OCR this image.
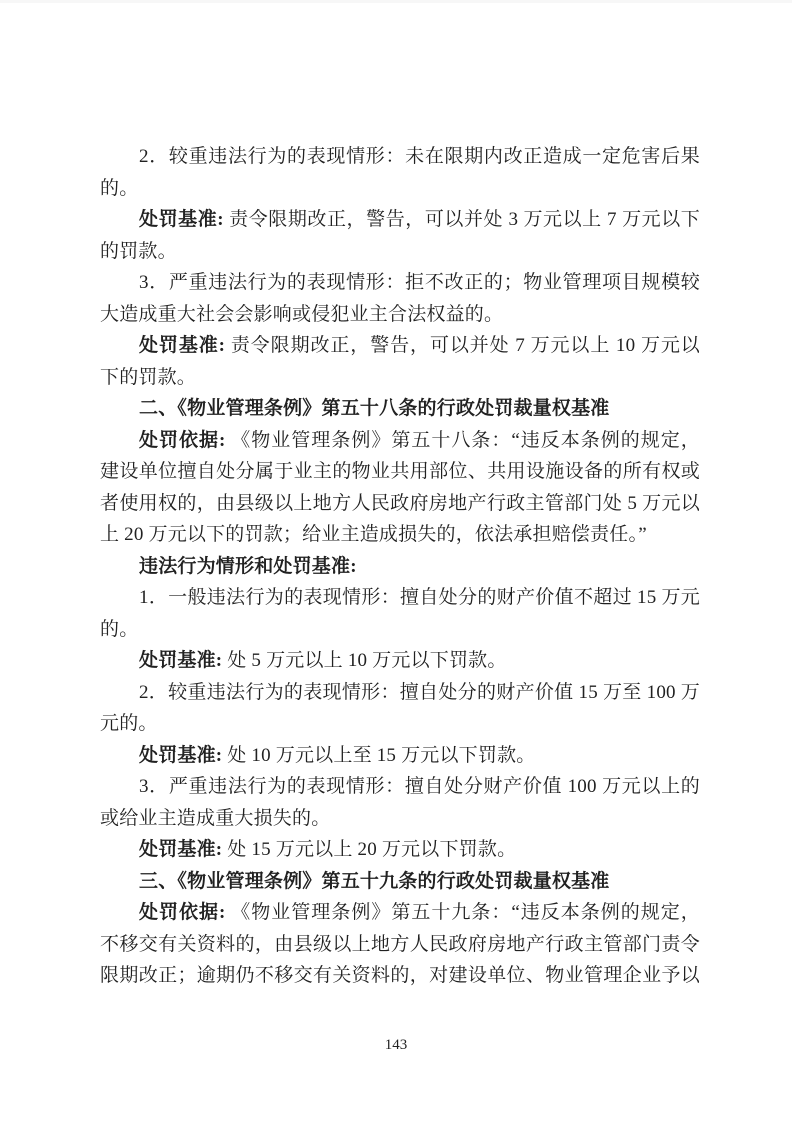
2．较重违法行为的表现情形：未在限期内改正造成一定危害后果
的。
处罚基准: 责令限期改正，警告，可以并处 3 万元以上 7 万元以下
的罚款。
3．严重违法行为的表现情形：拒不改正的；物业管理项目规模较
大造成重大社会会影响或侵犯业主合法权益的。
处罚基准: 责令限期改正，警告，可以并处 7 万元以上 10 万元以
下的罚款。
二、《物业管理条例》第五十八条的行政处罚裁量权基准
处罚依据: 《物业管理条例》第五十八条：“违反本条例的规定，
建设单位擅自处分属于业主的物业共用部位、共用设施设备的所有权或
者使用权的，由县级以上地方人民政府房地产行政主管部门处 5 万元以
上 20 万元以下的罚款；给业主造成损失的，依法承担赔偿责任。”
违法行为情形和处罚基准:
1．一般违法行为的表现情形：擅自处分的财产价值不超过 15 万元
的。
处罚基准: 处 5 万元以上 10 万元以下罚款。
2．较重违法行为的表现情形：擅自处分的财产价值 15 万至 100 万
元的。
处罚基准: 处 10 万元以上至 15 万元以下罚款。
3．严重违法行为的表现情形：擅自处分财产价值 100 万元以上的
或给业主造成重大损失的。
处罚基准: 处 15 万元以上 20 万元以下罚款。
三、《物业管理条例》第五十九条的行政处罚裁量权基准
处罚依据: 《物业管理条例》第五十九条：“违反本条例的规定，
不移交有关资料的，由县级以上地方人民政府房地产行政主管部门责令
限期改正；逾期仍不移交有关资料的，对建设单位、物业管理企业予以
143
